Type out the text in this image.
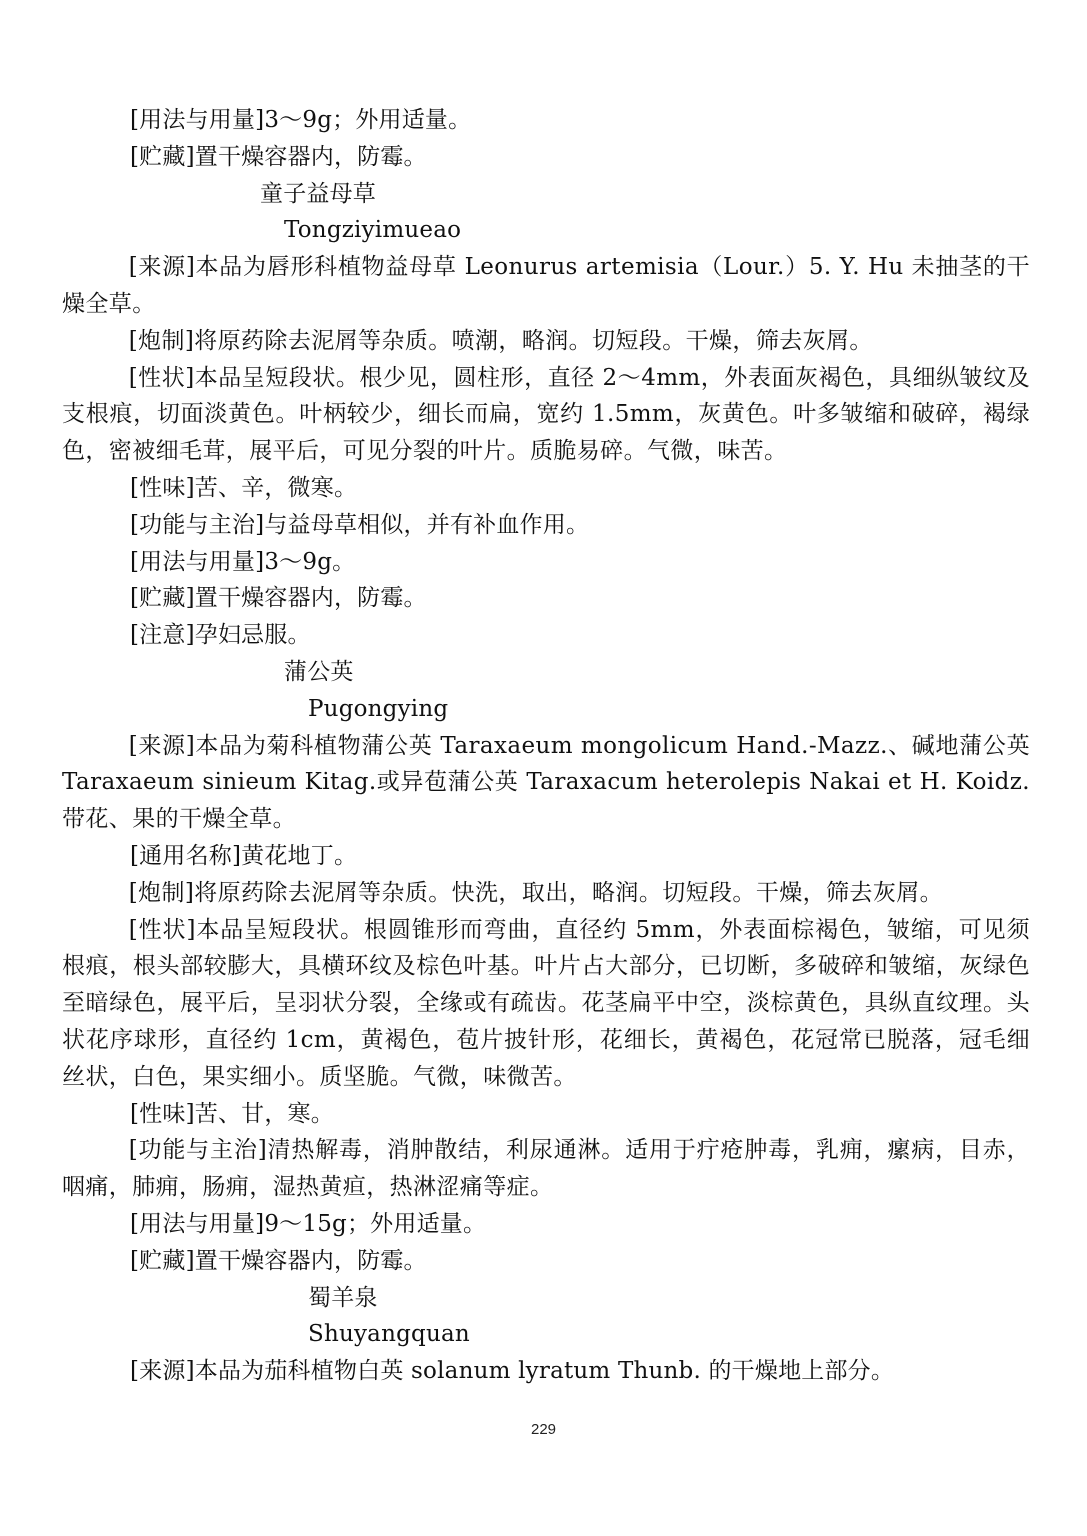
[用法与用量]3～9g；外用适量。
[贮藏]置干燥容器内，防霉。
童子益母草
Tongziyimueao
[来源]本品为唇形科植物益母草 Leonurus artemisia（Lour.）5. Y. Hu 未抽茎的干燥全草。
[炮制]将原药除去泥屑等杂质。喷潮，略润。切短段。干燥，筛去灰屑。
[性状]本品呈短段状。根少见，圆柱形，直径 2～4mm，外表面灰褐色，具细纵皱纹及支根痕，切面淡黄色。叶柄较少，细长而扁，宽约 1.5mm，灰黄色。叶多皱缩和破碎，褐绿色，密被细毛茸，展平后，可见分裂的叶片。质脆易碎。气微，味苦。
[性味]苦、辛，微寒。
[功能与主治]与益母草相似，并有补血作用。
[用法与用量]3～9g。
[贮藏]置干燥容器内，防霉。
[注意]孕妇忌服。
蒲公英
Pugongying
[来源]本品为菊科植物蒲公英 Taraxaeum mongolicum Hand.-Mazz.、碱地蒲公英 Taraxaeum sinieum Kitag.或异苞蒲公英 Taraxacum heterolepis Nakai et H. Koidz.带花、果的干燥全草。
[通用名称]黄花地丁。
[炮制]将原药除去泥屑等杂质。快洗，取出，略润。切短段。干燥，筛去灰屑。
[性状]本品呈短段状。根圆锥形而弯曲，直径约 5mm，外表面棕褐色，皱缩，可见须根痕，根头部较膨大，具横环纹及棕色叶基。叶片占大部分，已切断，多破碎和皱缩，灰绿色至暗绿色，展平后，呈羽状分裂，全缘或有疏齿。花茎扁平中空，淡棕黄色，具纵直纹理。头状花序球形，直径约 1cm，黄褐色，苞片披针形，花细长，黄褐色，花冠常已脱落，冠毛细丝状，白色，果实细小。质坚脆。气微，味微苦。
[性味]苦、甘，寒。
[功能与主治]清热解毒，消肿散结，利尿通淋。适用于疔疮肿毒，乳痈，瘰病，目赤，咽痛，肺痈，肠痈，湿热黄疸，热淋涩痛等症。
[用法与用量]9～15g；外用适量。
[贮藏]置干燥容器内，防霉。
蜀羊泉
Shuyangquan
[来源]本品为茄科植物白英 solanum lyratum Thunb. 的干燥地上部分。
229
